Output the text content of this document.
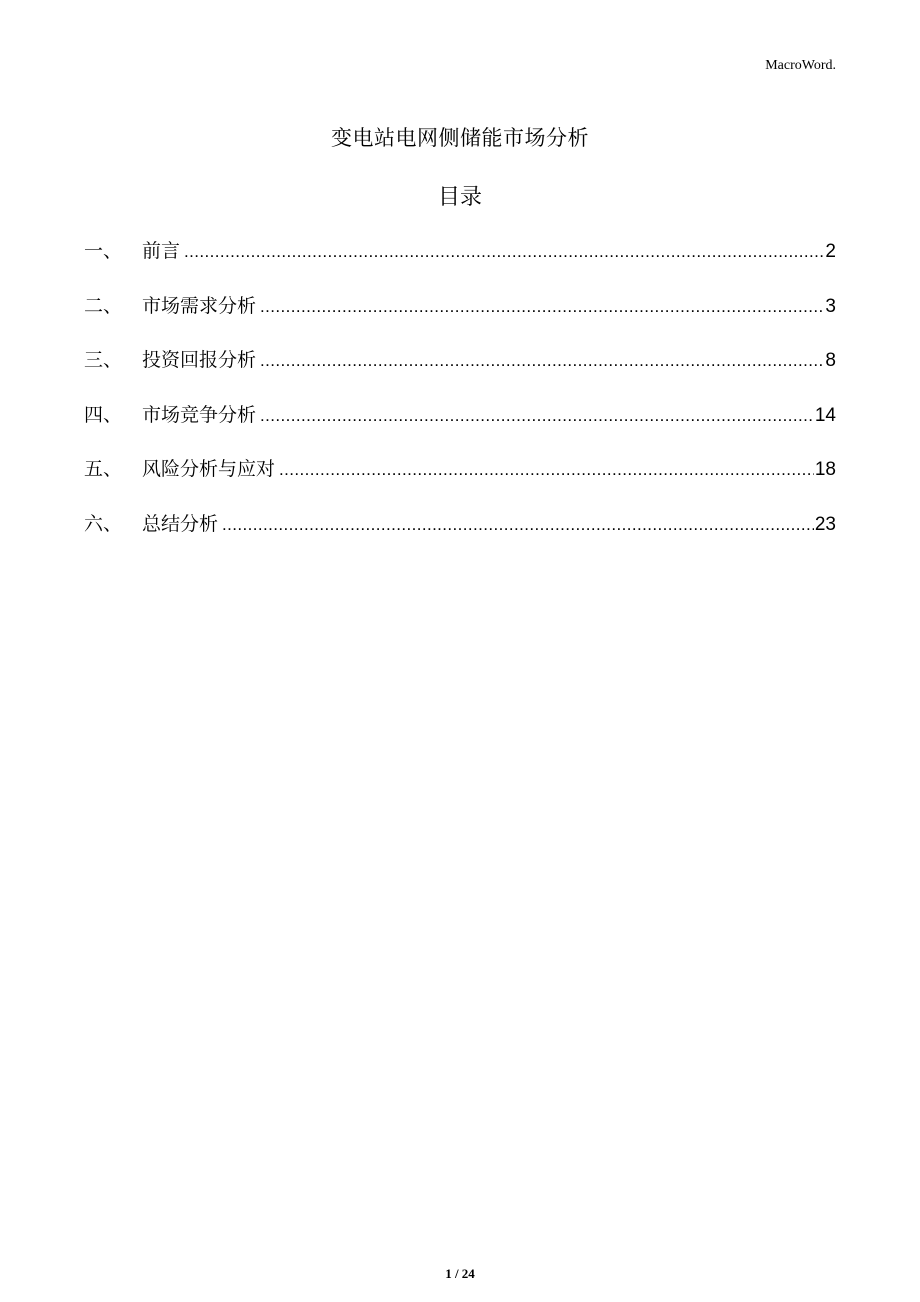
MacroWord.
变电站电网侧储能市场分析
目录
一、	前言 .....	2
二、	市场需求分析 .....	3
三、	投资回报分析 .....	8
四、	市场竞争分析 .....	14
五、	风险分析与应对 .....	18
六、	总结分析 .....	23
1 / 24
